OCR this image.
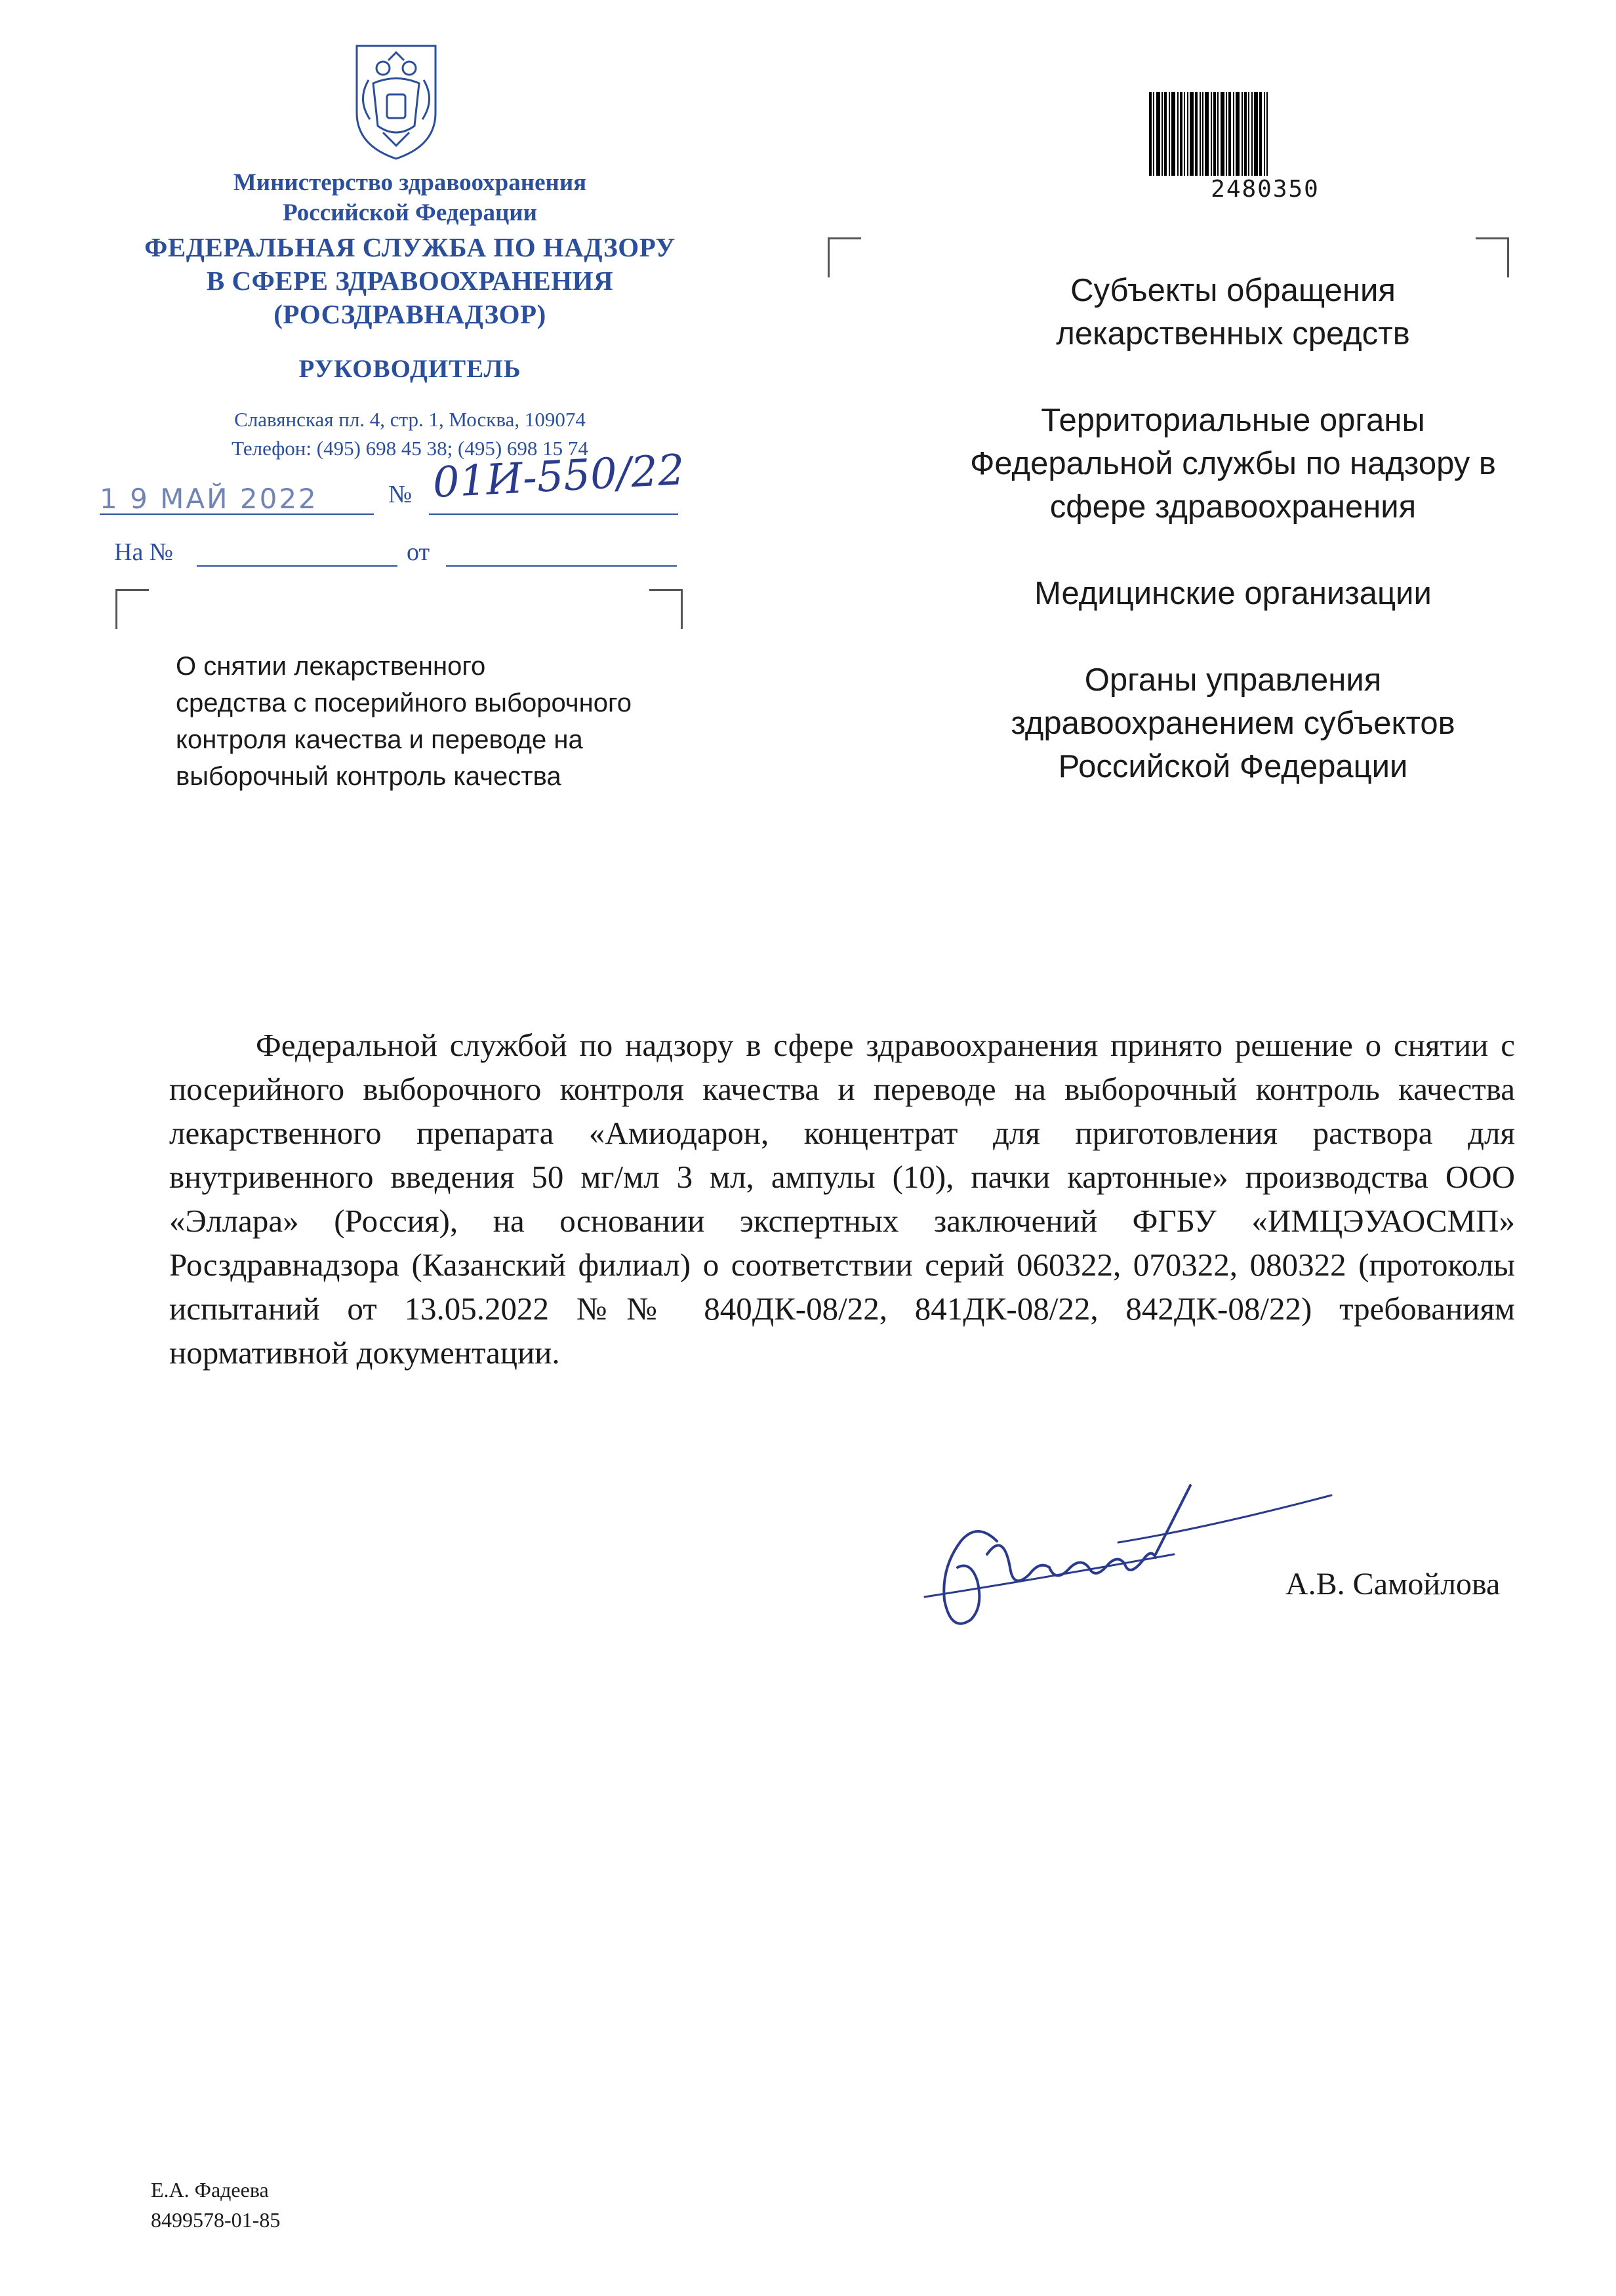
Министерство здравоохранения
Российской Федерации
ФЕДЕРАЛЬНАЯ СЛУЖБА ПО НАДЗОРУ
В СФЕРЕ ЗДРАВООХРАНЕНИЯ
(РОСЗДРАВНАДЗОР)
РУКОВОДИТЕЛЬ
Славянская пл. 4, стр. 1, Москва, 109074
Телефон: (495) 698 45 38; (495) 698 15 74
1 9 МАЙ 2022	№ 01И-550/22
На №	от
О снятии лекарственного
средства с посерийного выборочного
контроля качества и переводе на
выборочный контроль качества
2480350
Субъекты обращения
лекарственных средств
Территориальные органы
Федеральной службы по надзору в
сфере здравоохранения
Медицинские организации
Органы управления
здравоохранением субъектов
Российской Федерации
Федеральной службой по надзору в сфере здравоохранения принято решение о снятии с посерийного выборочного контроля качества и переводе на выборочный контроль качества лекарственного препарата «Амиодарон, концентрат для приготовления раствора для внутривенного введения 50 мг/мл 3 мл, ампулы (10), пачки картонные» производства ООО «Эллара» (Россия), на основании экспертных заключений ФГБУ «ИМЦЭУАОСМП» Росздравнадзора (Казанский филиал) о соответствии серий 060322, 070322, 080322 (протоколы испытаний от 13.05.2022 №№ 840ДК-08/22, 841ДК-08/22, 842ДК-08/22) требованиям нормативной документации.
А.В. Самойлова
Е.А. Фадеева
8499578-01-85
